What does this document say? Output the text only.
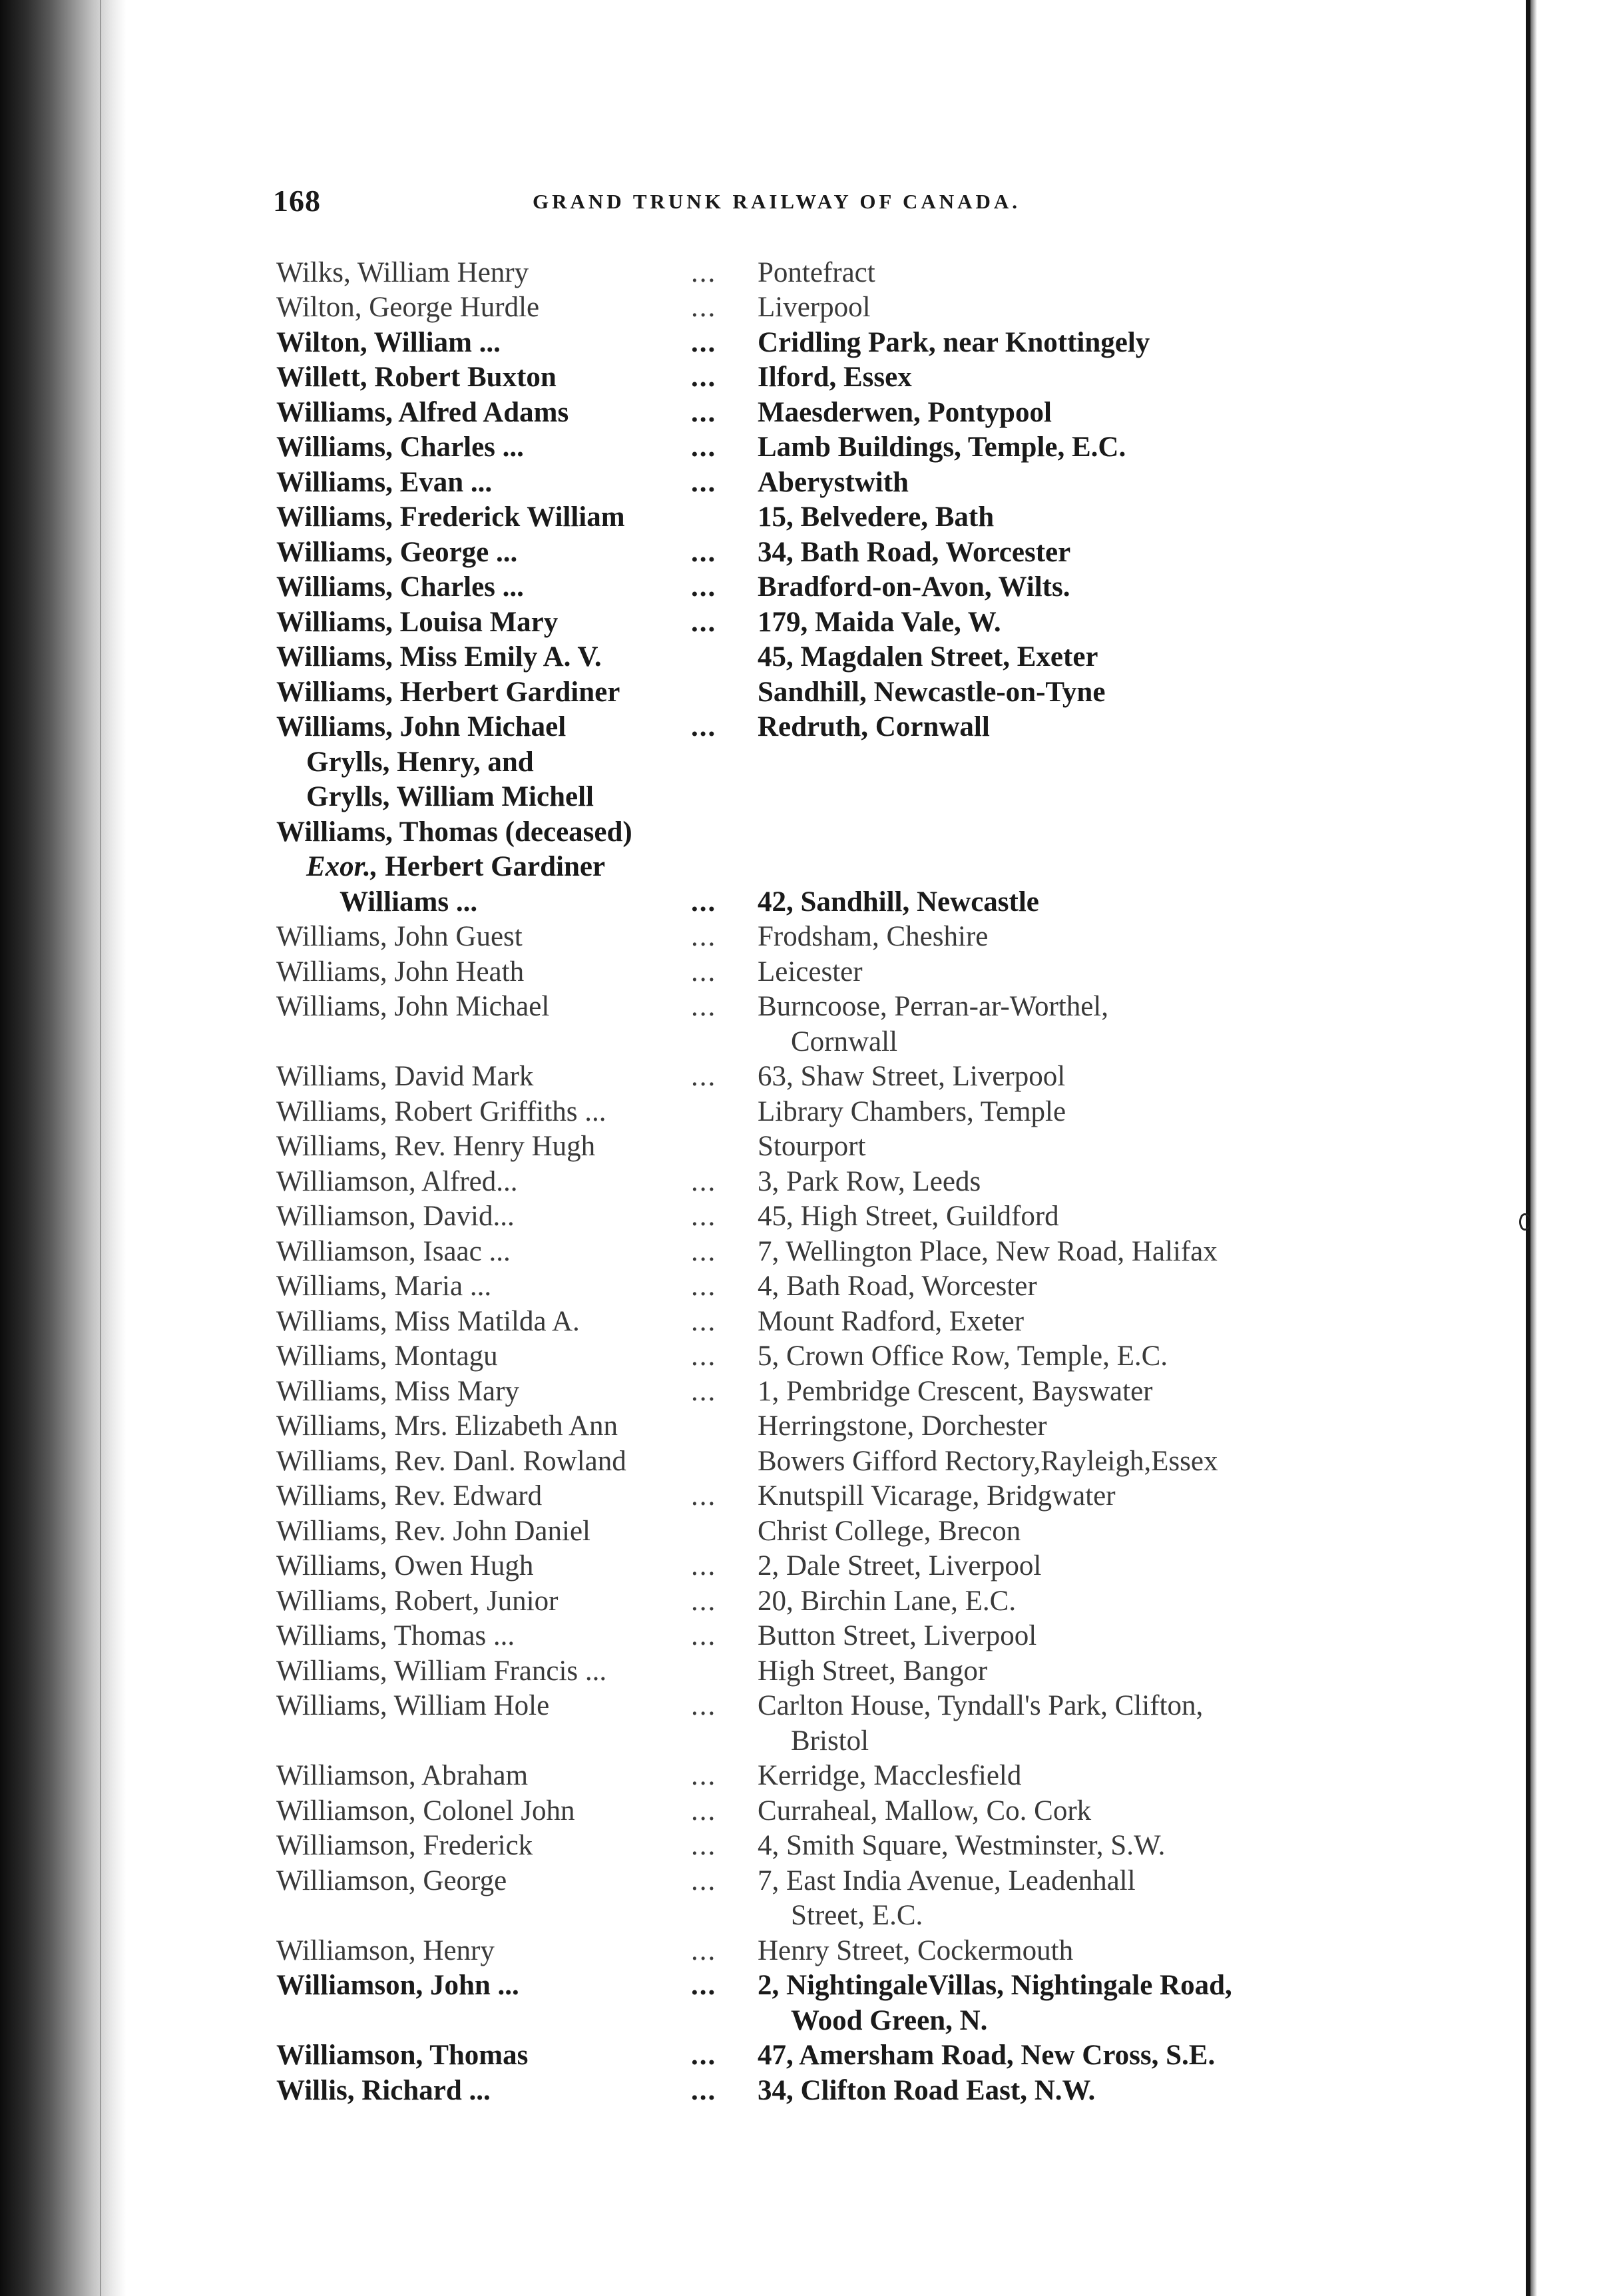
168	GRAND TRUNK RAILWAY OF CANADA.
Wilks, William Henry	... Pontefract
Wilton, George Hurdle	... Liverpool
Wilton, William ...	... Cridling Park, near Knottingely
Willett, Robert Buxton	... Ilford, Essex
Williams, Alfred Adams	... Maesderwen, Pontypool
Williams, Charles ...	... Lamb Buildings, Temple, E.C.
Williams, Evan ...	... Aberystwith
Williams, Frederick William	15, Belvedere, Bath
Williams, George ...	... 34, Bath Road, Worcester
Williams, Charles ...	... Bradford-on-Avon, Wilts.
Williams, Louisa Mary	... 179, Maida Vale, W.
Williams, Miss Emily A. V.	45, Magdalen Street, Exeter
Williams, Herbert Gardiner	Sandhill, Newcastle-on-Tyne
Williams, John Michael	... Redruth, Cornwall
Grylls, Henry, and
Grylls, William Michell
Williams, Thomas (deceased)
Exor., Herbert Gardiner
Williams ...	... 42, Sandhill, Newcastle
Williams, John Guest	... Frodsham, Cheshire
Williams, John Heath	... Leicester
Williams, John Michael	... Burncoose, Perran-ar-Worthel,
Cornwall
Williams, David Mark	... 63, Shaw Street, Liverpool
Williams, Robert Griffiths ...	Library Chambers, Temple
Williams, Rev. Henry Hugh	Stourport
Williamson, Alfred...	... 3, Park Row, Leeds
Williamson, David...	... 45, High Street, Guildford
Williamson, Isaac ...	... 7, Wellington Place, New Road, Halifax
Williams, Maria ...	... 4, Bath Road, Worcester
Williams, Miss Matilda A.	... Mount Radford, Exeter
Williams, Montagu	... 5, Crown Office Row, Temple, E.C.
Williams, Miss Mary	... 1, Pembridge Crescent, Bayswater
Williams, Mrs. Elizabeth Ann	Herringstone, Dorchester
Williams, Rev. Danl. Rowland	Bowers Gifford Rectory,Rayleigh,Essex
Williams, Rev. Edward	... Knutspill Vicarage, Bridgwater
Williams, Rev. John Daniel	Christ College, Brecon
Williams, Owen Hugh	... 2, Dale Street, Liverpool
Williams, Robert, Junior	... 20, Birchin Lane, E.C.
Williams, Thomas ...	... Button Street, Liverpool
Williams, William Francis ...	High Street, Bangor
Williams, William Hole	... Carlton House, Tyndall's Park, Clifton,
Bristol
Williamson, Abraham	... Kerridge, Macclesfield
Williamson, Colonel John	... Curraheal, Mallow, Co. Cork
Williamson, Frederick	... 4, Smith Square, Westminster, S.W.
Williamson, George	... 7, East India Avenue, Leadenhall
Street, E.C.
Williamson, Henry	... Henry Street, Cockermouth
Williamson, John ...	... 2, NightingaleVillas, Nightingale Road,
Wood Green, N.
Williamson, Thomas	... 47, Amersham Road, New Cross, S.E.
Willis, Richard ...	... 34, Clifton Road East, N.W.
